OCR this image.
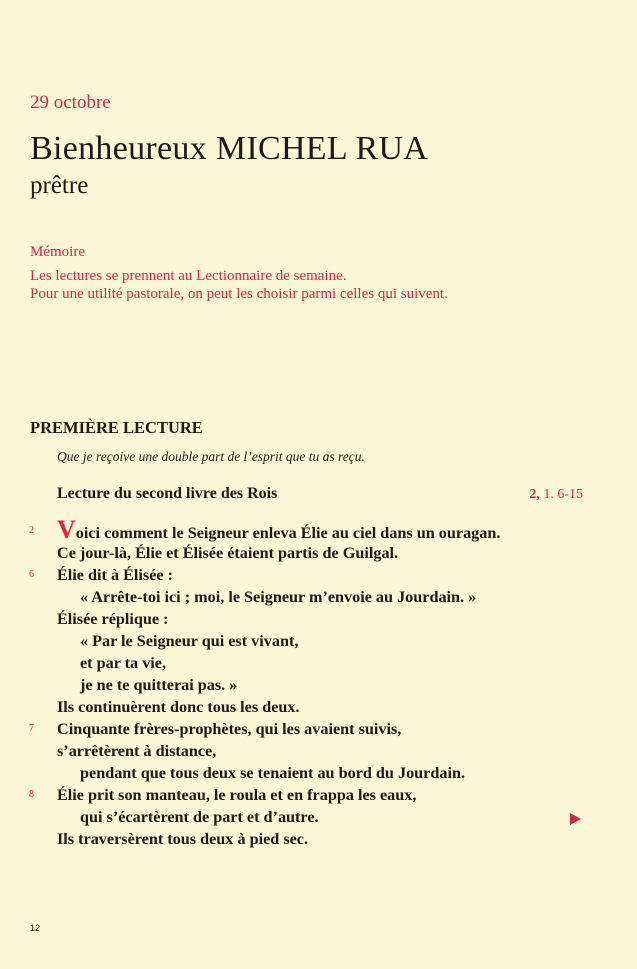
29 octobre
Bienheureux MICHEL RUA
prêtre
Mémoire
Les lectures se prennent au Lectionnaire de semaine.
Pour une utilité pastorale, on peut les choisir parmi celles qui suivent.
PREMIÈRE LECTURE
Que je reçoive une double part de l’esprit que tu as reçu.
Lecture du second livre des Rois	2, 1. 6-15
2 Voici comment le Seigneur enleva Élie au ciel dans un ouragan.
Ce jour-là, Élie et Élisée étaient partis de Guilgal.
6 Élie dit à Élisée :
« Arrête-toi ici ; moi, le Seigneur m’envoie au Jourdain. »
Élisée réplique :
« Par le Seigneur qui est vivant,
et par ta vie,
je ne te quitterai pas. »
Ils continuèrent donc tous les deux.
7 Cinquante frères-prophètes, qui les avaient suivis,
s’arrêtèrent à distance,
pendant que tous deux se tenaient au bord du Jourdain.
8 Élie prit son manteau, le roula et en frappa les eaux,
qui s’écartèrent de part et d’autre.
Ils traversèrent tous deux à pied sec.
12
